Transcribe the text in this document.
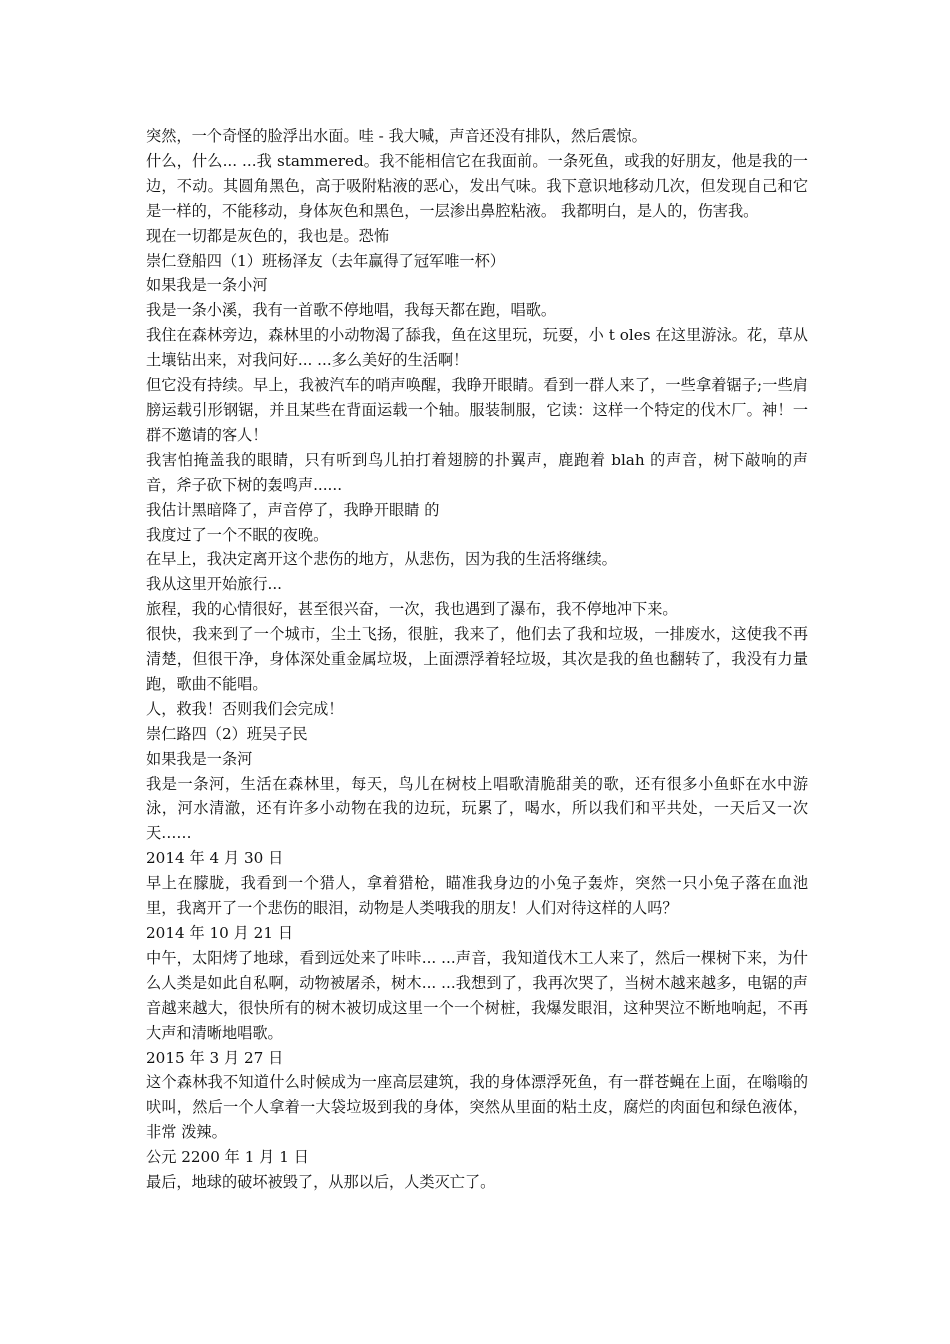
突然，一个奇怪的脸浮出水面。哇 - 我大喊，声音还没有排队，然后震惊。

什么，什么... ...我 stammered。我不能相信它在我面前。一条死鱼，或我的好朋友，他是我的一边，不动。其圆角黑色，高于吸附粘液的恶心，发出气味。我下意识地移动几次，但发现自己和它是一样的，不能移动，身体灰色和黑色，一层渗出鼻腔粘液。 我都明白，是人的，伤害我。

现在一切都是灰色的，我也是。恐怖

崇仁登船四（1）班杨泽友（去年赢得了冠军唯一杯）

如果我是一条小河

我是一条小溪，我有一首歌不停地唱，我每天都在跑，唱歌。

我住在森林旁边，森林里的小动物渴了舔我，鱼在这里玩，玩耍，小 t oles 在这里游泳。花，草从土壤钻出来，对我问好... ...多么美好的生活啊！

但它没有持续。早上，我被汽车的哨声唤醒，我睁开眼睛。看到一群人来了，一些拿着锯子;一些肩膀运载引形钢锯，并且某些在背面运载一个轴。服装制服，它读：这样一个特定的伐木厂。神！一群不邀请的客人！

我害怕掩盖我的眼睛，只有听到鸟儿拍打着翅膀的扑翼声，鹿跑着 blah 的声音，树下敲响的声音，斧子砍下树的轰鸣声......

我估计黑暗降了，声音停了，我睁开眼睛 的

我度过了一个不眠的夜晚。

在早上，我决定离开这个悲伤的地方，从悲伤，因为我的生活将继续。

我从这里开始旅行...

旅程，我的心情很好，甚至很兴奋，一次，我也遇到了瀑布，我不停地冲下来。

很快，我来到了一个城市，尘土飞扬，很脏，我来了，他们去了我和垃圾，一排废水，这使我不再清楚，但很干净，身体深处重金属垃圾，上面漂浮着轻垃圾，其次是我的鱼也翻转了，我没有力量跑，歌曲不能唱。

人，救我！否则我们会完成！

崇仁路四（2）班吴子民

如果我是一条河

我是一条河，生活在森林里，每天，鸟儿在树枝上唱歌清脆甜美的歌，还有很多小鱼虾在水中游泳，河水清澈，还有许多小动物在我的边玩，玩累了，喝水，所以我们和平共处，一天后又一次 天……

2014 年 4 月 30 日

早上在朦胧，我看到一个猎人，拿着猎枪，瞄准我身边的小兔子轰炸，突然一只小兔子落在血池里，我离开了一个悲伤的眼泪，动物是人类哦我的朋友！人们对待这样的人吗？

2014 年 10 月 21 日

中午，太阳烤了地球，看到远处来了咔咔... ...声音，我知道伐木工人来了，然后一棵树下来，为什么人类是如此自私啊，动物被屠杀，树木... ...我想到了，我再次哭了，当树木越来越多，电锯的声音越来越大，很快所有的树木被切成这里一个一个树桩，我爆发眼泪，这种哭泣不断地响起，不再大声和清晰地唱歌。

2015 年 3 月 27 日

这个森林我不知道什么时候成为一座高层建筑，我的身体漂浮死鱼，有一群苍蝇在上面，在嗡嗡的吠叫，然后一个人拿着一大袋垃圾到我的身体，突然从里面的粘土皮，腐烂的肉面包和绿色液体，非常 泼辣。

公元 2200 年 1 月 1 日

最后，地球的破坏被毁了，从那以后，人类灭亡了。
